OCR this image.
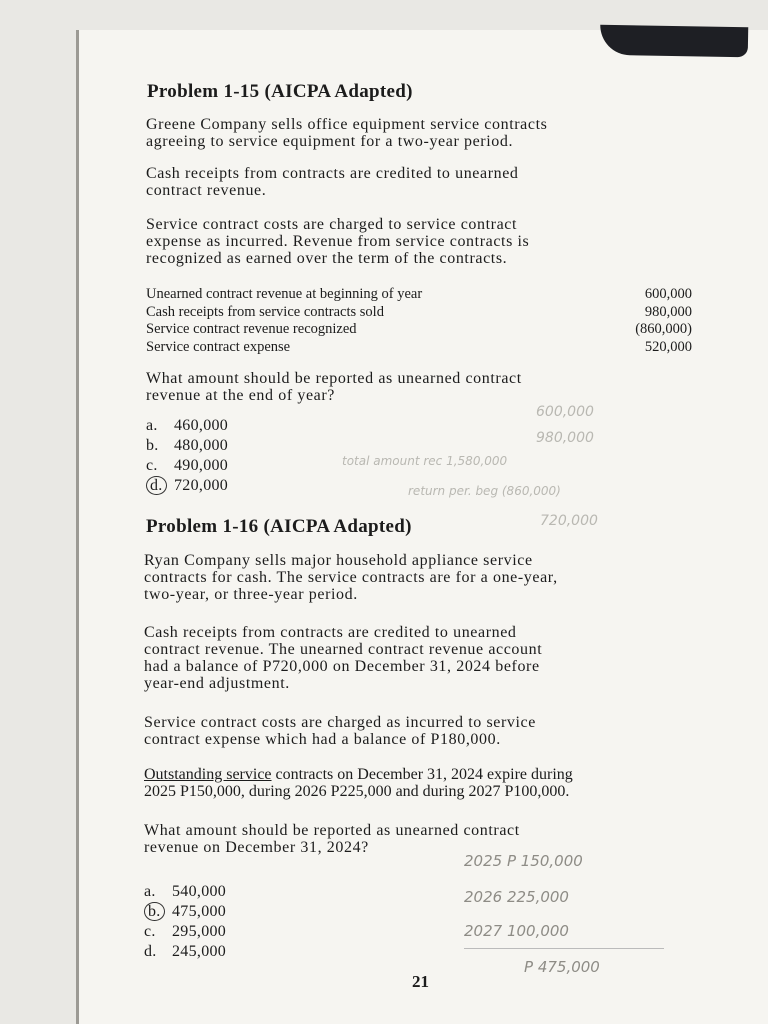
Problem 1-15 (AICPA Adapted)

Greene Company sells office equipment service contracts

agreeing to service equipment for a two-year period.

Cash receipts from contracts are credited to unearned

contract revenue.

Service contract costs are charged to service contract

expense as incurred. Revenue from service contracts is

recognized as earned over the term of the contracts.

Unearned contract revenue at beginning of year	600,000
Cash receipts from service contracts sold	980,000
Service contract revenue recognized	(860,000)
Service contract expense	520,000

What amount should be reported as unearned contract

revenue at the end of year?

a. 460,000
b. 480,000
c. 490,000
d. 720,000
600,000
980,000
total amount rec 1,580,000
return per. beg (860,000)
720,000
Problem 1-16 (AICPA Adapted)

Ryan Company sells major household appliance service

contracts for cash. The service contracts are for a one-year,

two-year, or three-year period.

Cash receipts from contracts are credited to unearned

contract revenue. The unearned contract revenue account

had a balance of P720,000 on December 31, 2024 before

year-end adjustment.

Service contract costs are charged as incurred to service

contract expense which had a balance of P180,000.

Outstanding service contracts on December 31, 2024 expire during

2025 P150,000, during 2026 P225,000 and during 2027 P100,000.

What amount should be reported as unearned contract

revenue on December 31, 2024?

a. 540,000
b. 475,000
c. 295,000
d. 245,000
2025 P 150,000
2026 225,000
2027 100,000
P 475,000
21
